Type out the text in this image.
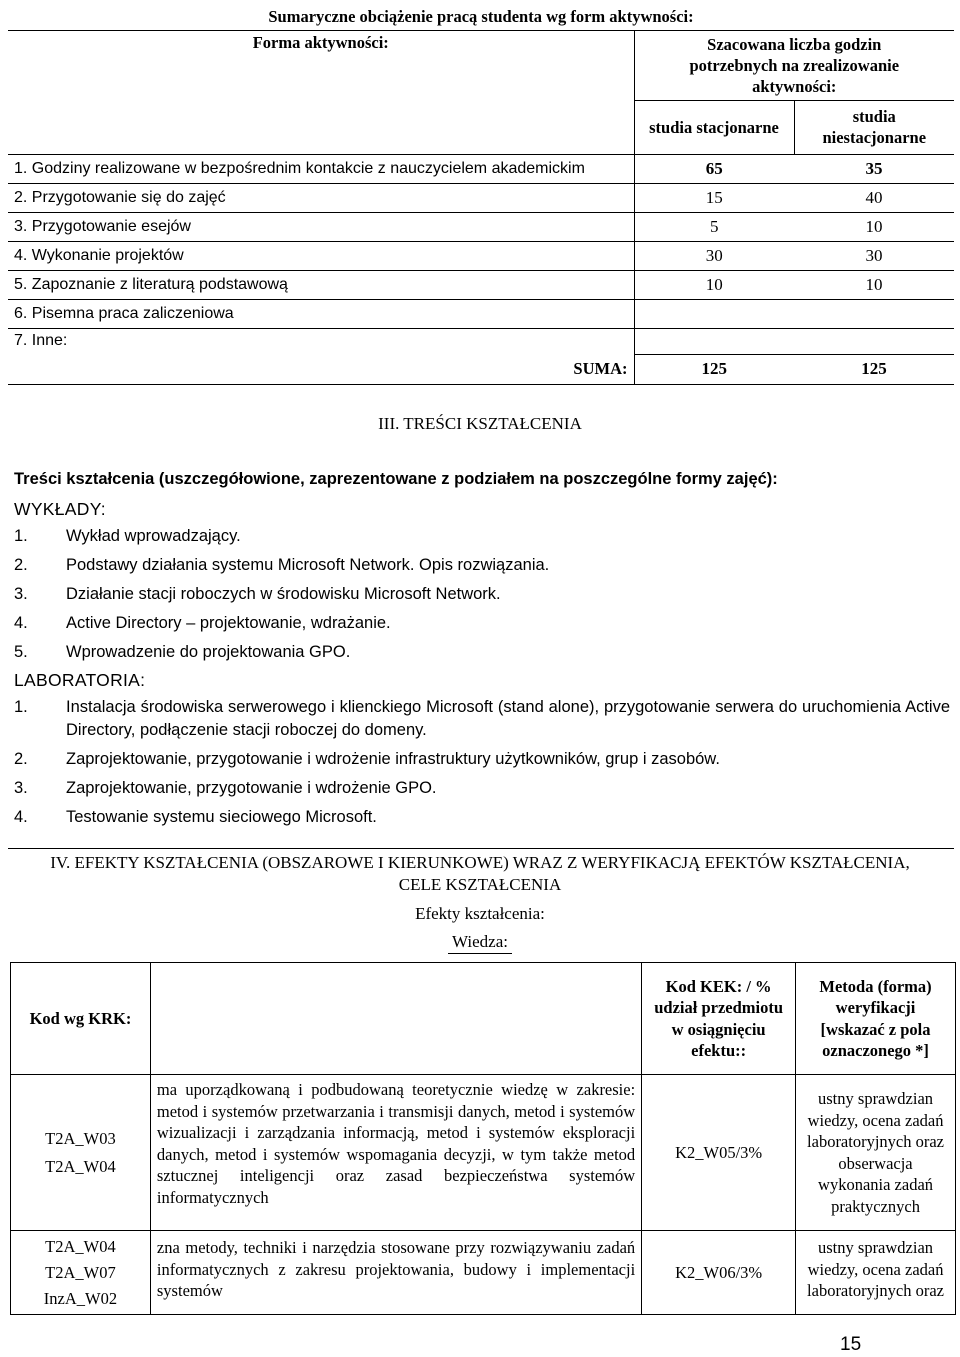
Sumaryczne obciążenie pracą studenta wg form aktywności:		
Forma aktywności:	Szacowana liczba godzin potrzebnych na zrealizowanie aktywności:	
	studia stacjonarne	studia niestacjonarne
1. Godziny realizowane w bezpośrednim kontakcie z nauczycielem akademickim	65	35
2. Przygotowanie się do zajęć	15	40
3. Przygotowanie esejów	5	10
4. Wykonanie projektów	30	30
5. Zapoznanie z literaturą podstawową	10	10
6. Pisemna praca zaliczeniowa		
7. Inne:		
SUMA:	125	125
III. TREŚCI KSZTAŁCENIA

Treści kształcenia (uszczegółowione, zaprezentowane z podziałem na poszczególne formy zajęć):

WYKŁADY:

1.	Wykład wprowadzający.
2.	Podstawy działania systemu Microsoft Network. Opis rozwiązania.
3.	Działanie stacji roboczych w środowisku Microsoft Network.
4.	Active Directory – projektowanie, wdrażanie.
5.	Wprowadzenie do projektowania GPO.

LABORATORIA:

1.	Instalacja środowiska serwerowego i klienckiego Microsoft (stand alone), przygotowanie serwera do uruchomienia Active Directory, podłączenie stacji roboczej do domeny.
2.	Zaprojektowanie, przygotowanie i wdrożenie infrastruktury użytkowników, grup i zasobów.
3.	Zaprojektowanie, przygotowanie i wdrożenie GPO.
4.	Testowanie systemu sieciowego Microsoft.
IV. EFEKTY KSZTAŁCENIA (OBSZAROWE I KIERUNKOWE) WRAZ Z WERYFIKACJĄ EFEKTÓW KSZTAŁCENIA, CELE KSZTAŁCENIA
Efekty kształcenia:
Wiedza:
Kod wg KRK:		Kod KEK: / % udział przedmiotu w osiągnięciu efektu::	Metoda (forma) weryfikacji [wskazać z pola oznaczonego *]

T2A_W03
T2A_W04	ma uporządkowaną i podbudowaną teoretycznie wiedzę w zakresie: metod i systemów przetwarzania i transmisji danych, metod i systemów wizualizacji i zarządzania informacją, metod i systemów eksploracji danych, metod i systemów wspomagania decyzji, w tym także metod sztucznej inteligencji oraz zasad bezpieczeństwa systemów informatycznych	K2_W05/3%	ustny sprawdzian wiedzy, ocena zadań laboratoryjnych oraz obserwacja wykonania zadań praktycznych

T2A_W04
T2A_W07
InzA_W02	zna metody, techniki i narzędzia stosowane przy rozwiązywaniu zadań informatycznych z zakresu projektowania, budowy i implementacji systemów	K2_W06/3%	ustny sprawdzian wiedzy, ocena zadań laboratoryjnych oraz
15
